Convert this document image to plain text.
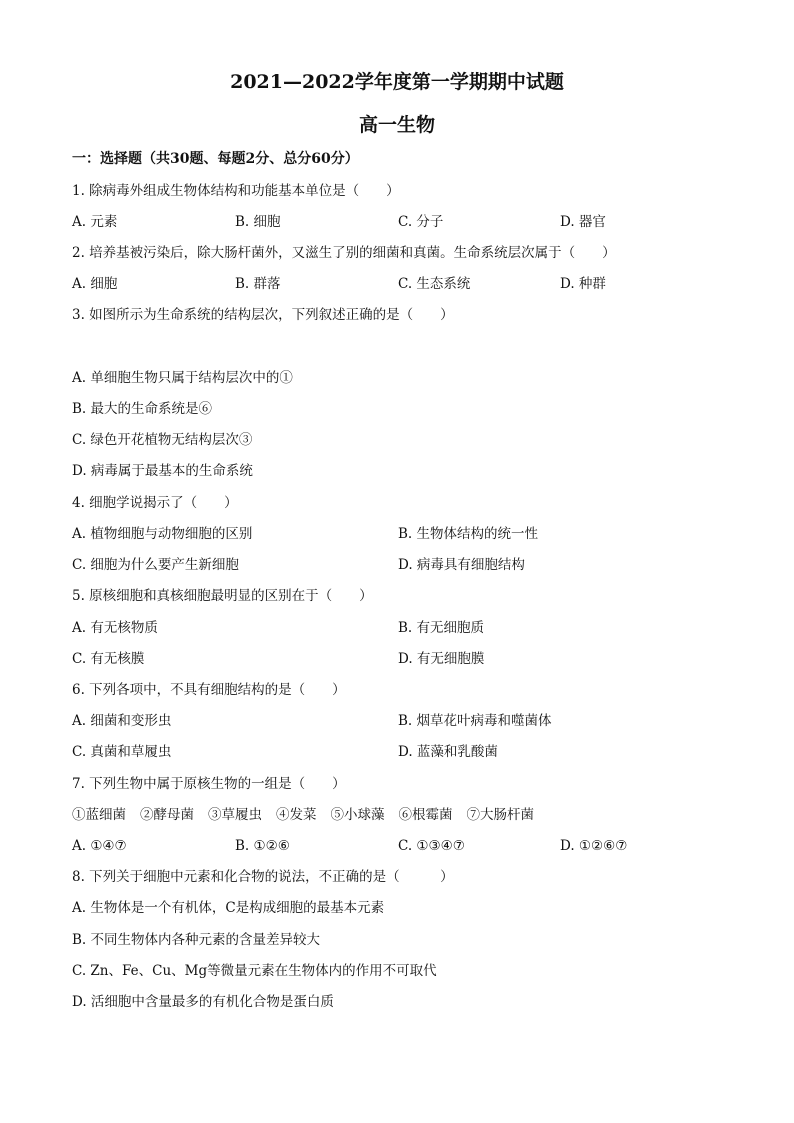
2021—2022学年度第一学期期中试题
高一生物

一：选择题（共30题、每题2分、总分60分）

1. 除病毒外组成生物体结构和功能基本单位是（　　）

A. 元素	B. 细胞	C. 分子	D. 器官

2. 培养基被污染后，除大肠杆菌外，又滋生了别的细菌和真菌。生命系统层次属于（　　）

A. 细胞	B. 群落	C. 生态系统	D. 种群

3. 如图所示为生命系统的结构层次，下列叙述正确的是（　　）

A. 单细胞生物只属于结构层次中的①

B. 最大的生命系统是⑥

C. 绿色开花植物无结构层次③

D. 病毒属于最基本的生命系统

4. 细胞学说揭示了（　　）

A. 植物细胞与动物细胞的区别	B. 生物体结构的统一性
C. 细胞为什么要产生新细胞	D. 病毒具有细胞结构

5. 原核细胞和真核细胞最明显的区别在于（　　）

A. 有无核物质	B. 有无细胞质
C. 有无核膜	D. 有无细胞膜

6. 下列各项中，不具有细胞结构的是（　　）

A. 细菌和变形虫	B. 烟草花叶病毒和噬菌体
C. 真菌和草履虫	D. 蓝藻和乳酸菌

7. 下列生物中属于原核生物的一组是（　　）

①蓝细菌 ②酵母菌 ③草履虫 ④发菜 ⑤小球藻 ⑥根霉菌 ⑦大肠杆菌

A. ①④⑦	B. ①②⑥	C. ①③④⑦	D. ①②⑥⑦

8. 下列关于细胞中元素和化合物的说法，不正确的是（　　　）

A. 生物体是一个有机体，C是构成细胞的最基本元素

B. 不同生物体内各种元素的含量差异较大

C. Zn、Fe、Cu、Mg等微量元素在生物体内的作用不可取代

D. 活细胞中含量最多的有机化合物是蛋白质
